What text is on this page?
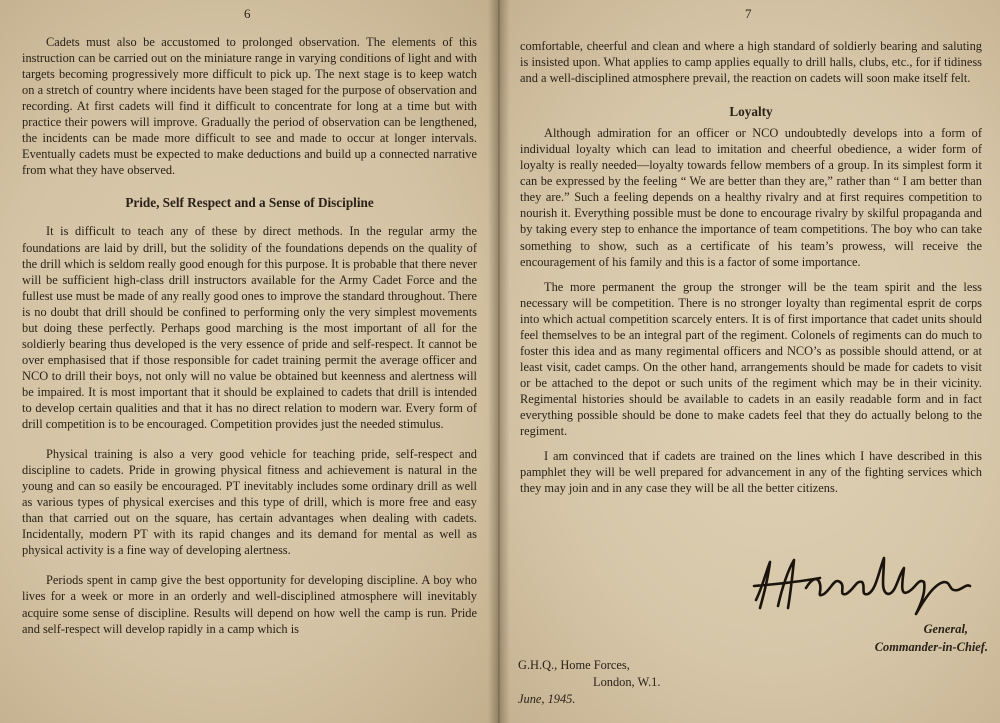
6

Cadets must also be accustomed to prolonged observation. The elements of this instruction can be carried out on the miniature range in varying conditions of light and with targets becoming progressively more difficult to pick up. The next stage is to keep watch on a stretch of country where incidents have been staged for the purpose of observation and recording. At first cadets will find it difficult to concentrate for long at a time but with practice their powers will improve. Gradually the period of observation can be lengthened, the incidents can be made more difficult to see and made to occur at longer intervals. Eventually cadets must be expected to make deductions and build up a connected narrative from what they have observed.

Pride, Self Respect and a Sense of Discipline

It is difficult to teach any of these by direct methods. In the regular army the foundations are laid by drill, but the solidity of the foundations depends on the quality of the drill which is seldom really good enough for this purpose. It is probable that there never will be sufficient high-class drill instructors available for the Army Cadet Force and the fullest use must be made of any really good ones to improve the standard throughout. There is no doubt that drill should be confined to performing only the very simplest movements but doing these perfectly. Perhaps good marching is the most important of all for the soldierly bearing thus developed is the very essence of pride and self-respect. It cannot be over emphasised that if those responsible for cadet training permit the average officer and NCO to drill their boys, not only will no value be obtained but keenness and alertness will be impaired. It is most important that it should be explained to cadets that drill is intended to develop certain qualities and that it has no direct relation to modern war. Every form of drill competition is to be encouraged. Competition provides just the needed stimulus.

Physical training is also a very good vehicle for teaching pride, self-respect and discipline to cadets. Pride in growing physical fitness and achievement is natural in the young and can so easily be encouraged. PT inevitably includes some ordinary drill as well as various types of physical exercises and this type of drill, which is more free and easy than that carried out on the square, has certain advantages when dealing with cadets. Incidentally, modern PT with its rapid changes and its demand for mental as well as physical activity is a fine way of developing alertness.

Periods spent in camp give the best opportunity for developing discipline. A boy who lives for a week or more in an orderly and well-disciplined atmosphere will inevitably acquire some sense of discipline. Results will depend on how well the camp is run. Pride and self-respect will develop rapidly in a camp which is

7

comfortable, cheerful and clean and where a high standard of soldierly bearing and saluting is insisted upon. What applies to camp applies equally to drill halls, clubs, etc., for if tidiness and a well-disciplined atmosphere prevail, the reaction on cadets will soon make itself felt.

Loyalty

Although admiration for an officer or NCO undoubtedly develops into a form of individual loyalty which can lead to imitation and cheerful obedience, a wider form of loyalty is really needed—loyalty towards fellow members of a group. In its simplest form it can be expressed by the feeling “ We are better than they are,” rather than “ I am better than they are.” Such a feeling depends on a healthy rivalry and at first requires competition to nourish it. Everything possible must be done to encourage rivalry by skilful propaganda and by taking every step to enhance the importance of team competitions. The boy who can take something to show, such as a certificate of his team’s prowess, will receive the encouragement of his family and this is a factor of some importance.

The more permanent the group the stronger will be the team spirit and the less necessary will be competition. There is no stronger loyalty than regimental esprit de corps into which actual competition scarcely enters. It is of first importance that cadet units should feel themselves to be an integral part of the regiment. Colonels of regiments can do much to foster this idea and as many regimental officers and NCO’s as possible should attend, or at least visit, cadet camps. On the other hand, arrangements should be made for cadets to visit or be attached to the depot or such units of the regiment which may be in their vicinity. Regimental histories should be available to cadets in an easily readable form and in fact everything possible should be done to make cadets feel that they do actually belong to the regiment.

I am convinced that if cadets are trained on the lines which I have described in this pamphlet they will be well prepared for advancement in any of the fighting services which they may join and in any case they will be all the better citizens.

General,
Commander-in-Chief.
G.H.Q., Home Forces,
London, W.1.
June, 1945.
